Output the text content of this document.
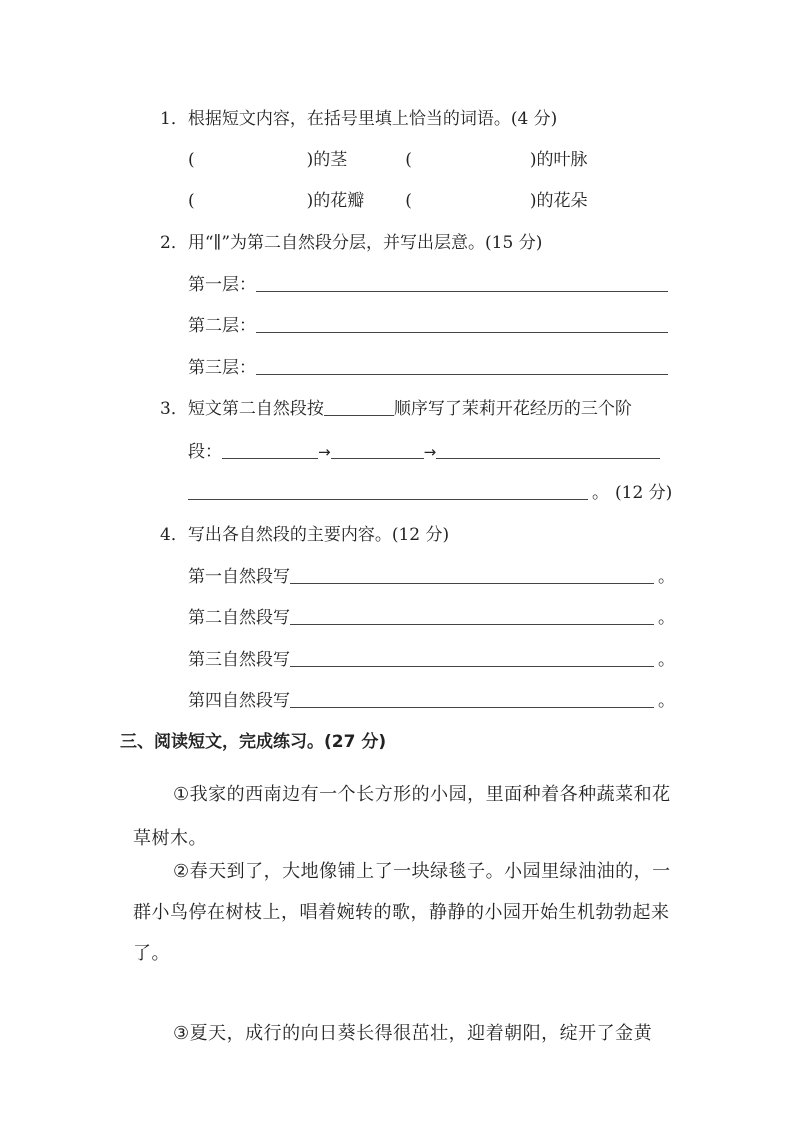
1．根据短文内容，在括号里填上恰当的词语。(4 分)
(	)的茎	(	)的叶脉
(	)的花瓣 (	)的花朵
2．用“∥”为第二自然段分层，并写出层意。(15 分)
第一层：
第二层：
第三层：
3．短文第二自然段按	顺序写了茉莉开花经历的三个阶
段：	→	→
。 (12 分)
4．写出各自然段的主要内容。(12 分)
第一自然段写	。
第二自然段写	。
第三自然段写	。
第四自然段写	。
三、阅读短文，完成练习。(27 分)
①我家的西南边有一个长方形的小园，里面种着各种蔬菜和花草树木。
②春天到了，大地像铺上了一块绿毯子。小园里绿油油的，一群小鸟停在树枝上，唱着婉转的歌，静静的小园开始生机勃勃起来了。
③夏天，成行的向日葵长得很茁壮，迎着朝阳，绽开了金黄
